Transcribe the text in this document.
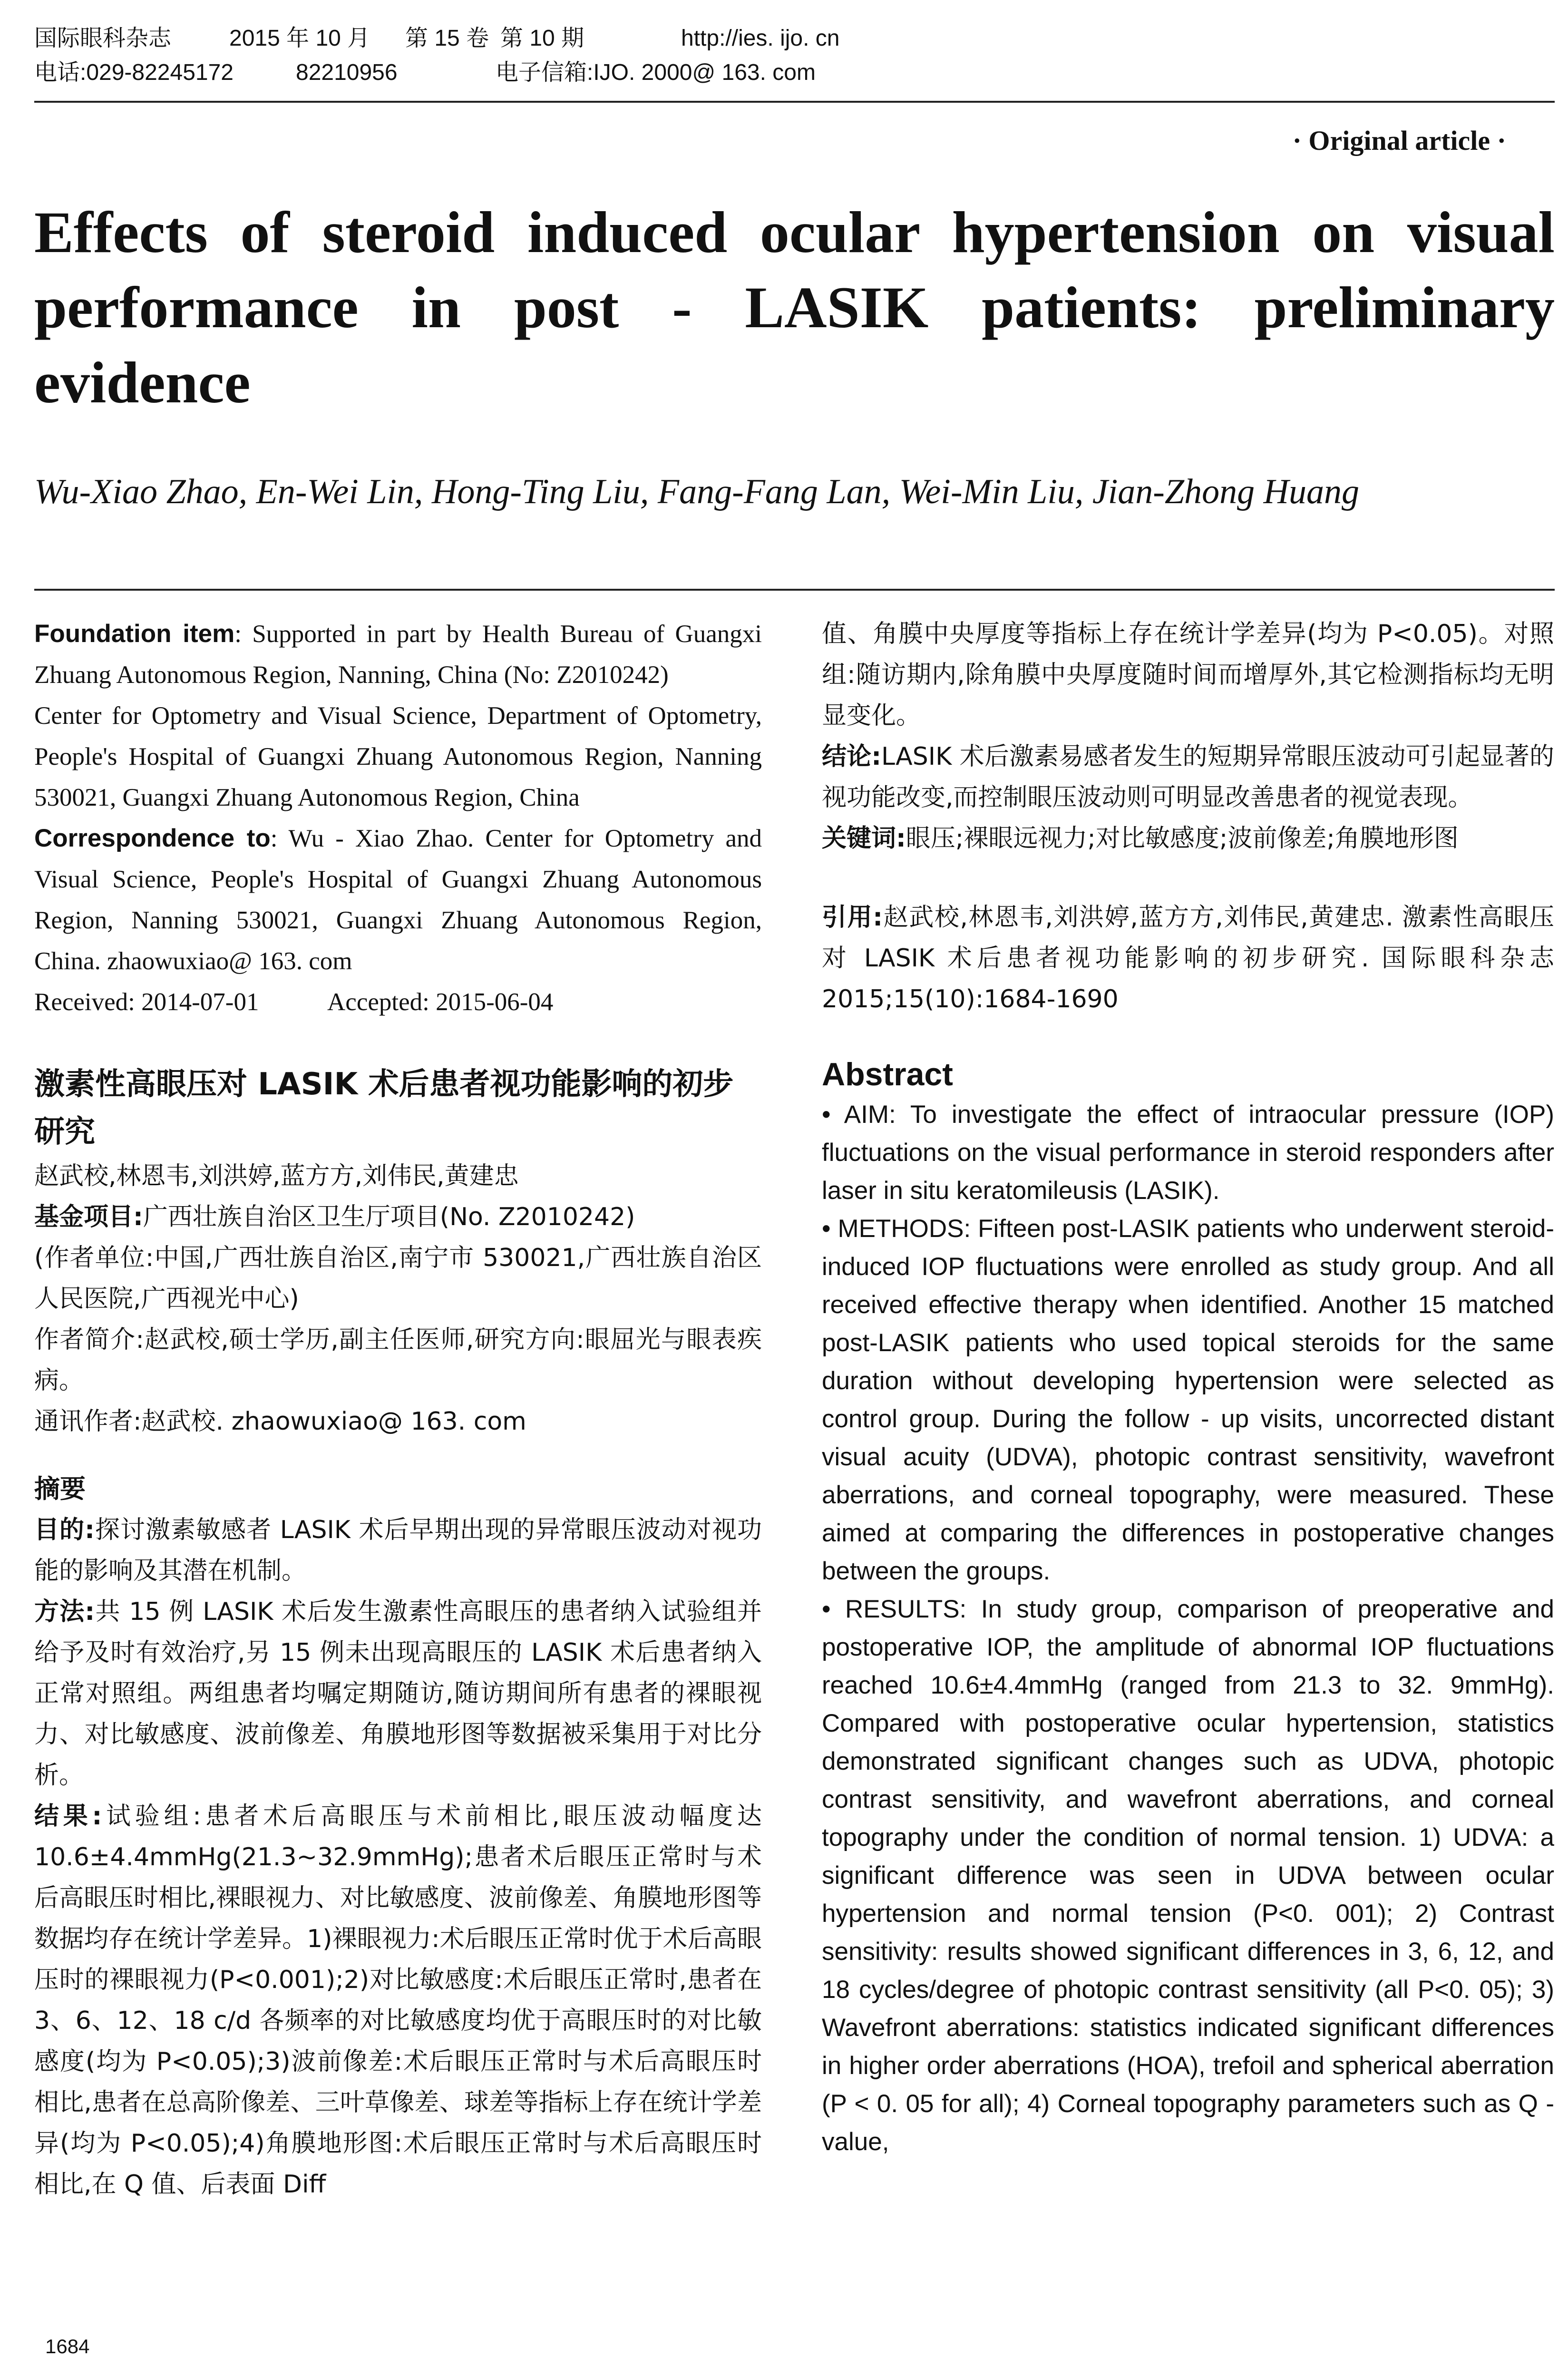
国际眼科杂志	2015 年 10 月	第 15 卷 第 10 期	http://ies. ijo. cn
电话:029-82245172	82210956	电子信箱:IJO. 2000@ 163. com
· Original article ·
Effects of steroid induced ocular hypertension on visual performance in post - LASIK patients: preliminary evidence
Wu-Xiao Zhao, En-Wei Lin, Hong-Ting Liu, Fang-Fang Lan, Wei-Min Liu, Jian-Zhong Huang

Foundation item: Supported in part by Health Bureau of Guangxi Zhuang Autonomous Region, Nanning, China (No: Z2010242)

Center for Optometry and Visual Science, Department of Optometry, People's Hospital of Guangxi Zhuang Autonomous Region, Nanning 530021, Guangxi Zhuang Autonomous Region, China

Correspondence to: Wu - Xiao Zhao. Center for Optometry and Visual Science, People's Hospital of Guangxi Zhuang Autonomous Region, Nanning 530021, Guangxi Zhuang Autonomous Region, China. zhaowuxiao@ 163. com

Received: 2014-07-01	Accepted: 2015-06-04

激素性高眼压对 LASIK 术后患者视功能影响的初步研究

赵武校,林恩韦,刘洪婷,蓝方方,刘伟民,黄建忠

基金项目:广西壮族自治区卫生厅项目(No. Z2010242)

(作者单位:中国,广西壮族自治区,南宁市 530021,广西壮族自治区人民医院,广西视光中心)

作者简介:赵武校,硕士学历,副主任医师,研究方向:眼屈光与眼表疾病。

通讯作者:赵武校. zhaowuxiao@ 163. com

摘要

目的:探讨激素敏感者 LASIK 术后早期出现的异常眼压波动对视功能的影响及其潜在机制。

方法:共 15 例 LASIK 术后发生激素性高眼压的患者纳入试验组并给予及时有效治疗,另 15 例未出现高眼压的 LASIK 术后患者纳入正常对照组。两组患者均嘱定期随访,随访期间所有患者的裸眼视力、对比敏感度、波前像差、角膜地形图等数据被采集用于对比分析。

结果:试验组:患者术后高眼压与术前相比,眼压波动幅度达 10.6±4.4mmHg(21.3~32.9mmHg);患者术后眼压正常时与术后高眼压时相比,裸眼视力、对比敏感度、波前像差、角膜地形图等数据均存在统计学差异。1)裸眼视力:术后眼压正常时优于术后高眼压时的裸眼视力(P<0.001);2)对比敏感度:术后眼压正常时,患者在 3、6、12、18 c/d 各频率的对比敏感度均优于高眼压时的对比敏感度(均为 P<0.05);3)波前像差:术后眼压正常时与术后高眼压时相比,患者在总高阶像差、三叶草像差、球差等指标上存在统计学差异(均为 P<0.05);4)角膜地形图:术后眼压正常时与术后高眼压时相比,在 Q 值、后表面 Diff

值、角膜中央厚度等指标上存在统计学差异(均为 P<0.05)。对照组:随访期内,除角膜中央厚度随时间而增厚外,其它检测指标均无明显变化。

结论:LASIK 术后激素易感者发生的短期异常眼压波动可引起显著的视功能改变,而控制眼压波动则可明显改善患者的视觉表现。

关键词:眼压;裸眼远视力;对比敏感度;波前像差;角膜地形图

引用:赵武校,林恩韦,刘洪婷,蓝方方,刘伟民,黄建忠. 激素性高眼压对 LASIK 术后患者视功能影响的初步研究. 国际眼科杂志 2015;15(10):1684-1690

Abstract

• AIM: To investigate the effect of intraocular pressure (IOP) fluctuations on the visual performance in steroid responders after laser in situ keratomileusis (LASIK).

• METHODS: Fifteen post-LASIK patients who underwent steroid-induced IOP fluctuations were enrolled as study group. And all received effective therapy when identified. Another 15 matched post-LASIK patients who used topical steroids for the same duration without developing hypertension were selected as control group. During the follow - up visits, uncorrected distant visual acuity (UDVA), photopic contrast sensitivity, wavefront aberrations, and corneal topography, were measured. These aimed at comparing the differences in postoperative changes between the groups.

• RESULTS: In study group, comparison of preoperative and postoperative IOP, the amplitude of abnormal IOP fluctuations reached 10.6±4.4mmHg (ranged from 21.3 to 32. 9mmHg). Compared with postoperative ocular hypertension, statistics demonstrated significant changes such as UDVA, photopic contrast sensitivity, and wavefront aberrations, and corneal topography under the condition of normal tension. 1) UDVA: a significant difference was seen in UDVA between ocular hypertension and normal tension (P<0. 001); 2) Contrast sensitivity: results showed significant differences in 3, 6, 12, and 18 cycles/degree of photopic contrast sensitivity (all P<0. 05); 3) Wavefront aberrations: statistics indicated significant differences in higher order aberrations (HOA), trefoil and spherical aberration (P < 0. 05 for all); 4) Corneal topography parameters such as Q - value,

1684
